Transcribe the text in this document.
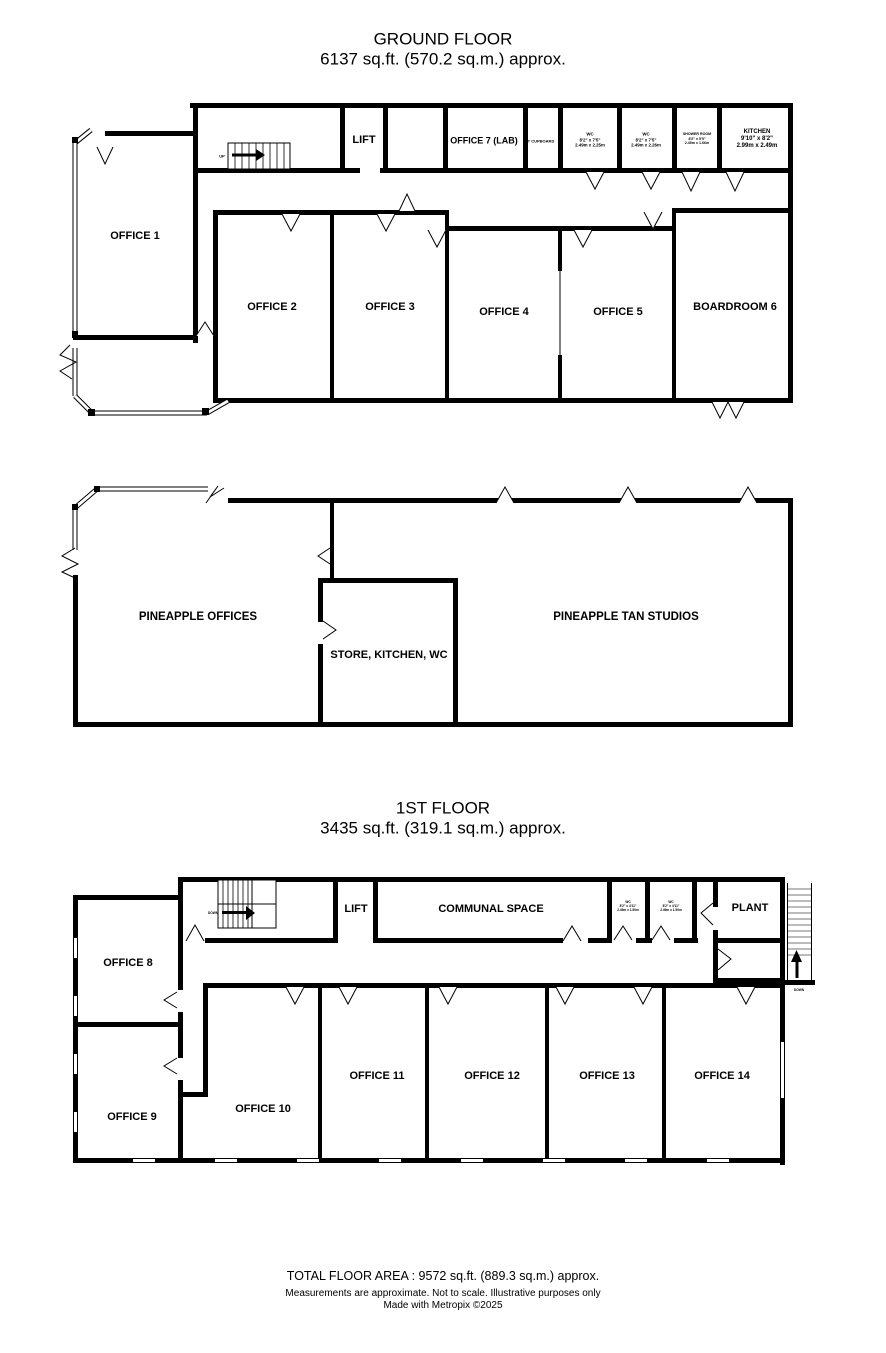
GROUND FLOOR
6137 sq.ft. (570.2 sq.m.) approx.
UP
LIFT	OFFICE 7 (LAB) T CUPBOARD
WC
8'2" x 7'5"
2.49m x 2.25m
WC
8'2" x 7'5"
2.49m x 2.26m
SHOWER ROOM
8'2" x 5'5"
2.49m x 1.66m
KITCHEN
9'10" x 8'2"
2.99m x 2.49m
OFFICE 1
OFFICE 2	OFFICE 3	OFFICE 4	OFFICE 5	BOARDROOM 6
PINEAPPLE OFFICES
STORE, KITCHEN, WC
PINEAPPLE TAN STUDIOS
1ST FLOOR
3435 sq.ft. (319.1 sq.m.) approx.
DOWN	LIFT	COMMUNAL SPACE
WC
8'2" x 4'11"
2.49m x 1.50m
WC
8'2" x 4'11"
2.49m x 1.50m	PLANT
OFFICE 8
OFFICE 9
OFFICE 10
OFFICE 11	OFFICE 12	OFFICE 13	OFFICE 14
DOWN
TOTAL FLOOR AREA : 9572 sq.ft. (889.3 sq.m.) approx.
Measurements are approximate. Not to scale. Illustrative purposes only
Made with Metropix ©2025
